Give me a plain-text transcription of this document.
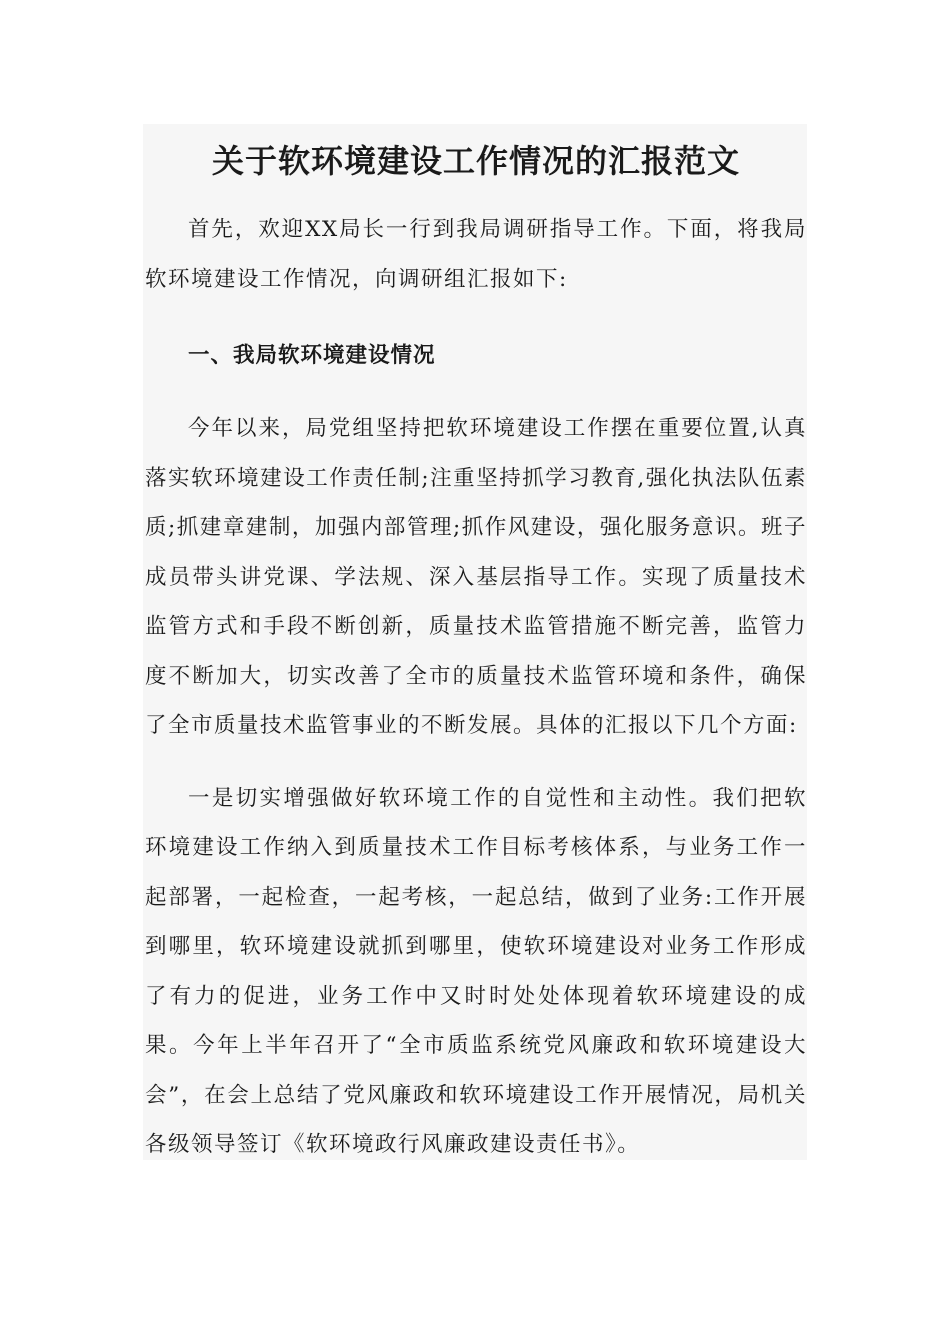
关于软环境建设工作情况的汇报范文

首先，欢迎XX局长一行到我局调研指导工作。下面，将我局软环境建设工作情况，向调研组汇报如下:

一、我局软环境建设情况

今年以来，局党组坚持把软环境建设工作摆在重要位置,认真落实软环境建设工作责任制;注重坚持抓学习教育,强化执法队伍素质;抓建章建制，加强内部管理;抓作风建设，强化服务意识。班子成员带头讲党课、学法规、深入基层指导工作。实现了质量技术监管方式和手段不断创新，质量技术监管措施不断完善，监管力度不断加大，切实改善了全市的质量技术监管环境和条件，确保了全市质量技术监管事业的不断发展。具体的汇报以下几个方面:

一是切实增强做好软环境工作的自觉性和主动性。我们把软环境建设工作纳入到质量技术工作目标考核体系，与业务工作一起部署，一起检查，一起考核，一起总结，做到了业务:工作开展到哪里，软环境建设就抓到哪里，使软环境建设对业务工作形成了有力的促进，业务工作中又时时处处体现着软环境建设的成果。今年上半年召开了“全市质监系统党风廉政和软环境建设大会”，在会上总结了党风廉政和软环境建设工作开展情况，局机关各级领导签订《软环境政行风廉政建设责任书》。
